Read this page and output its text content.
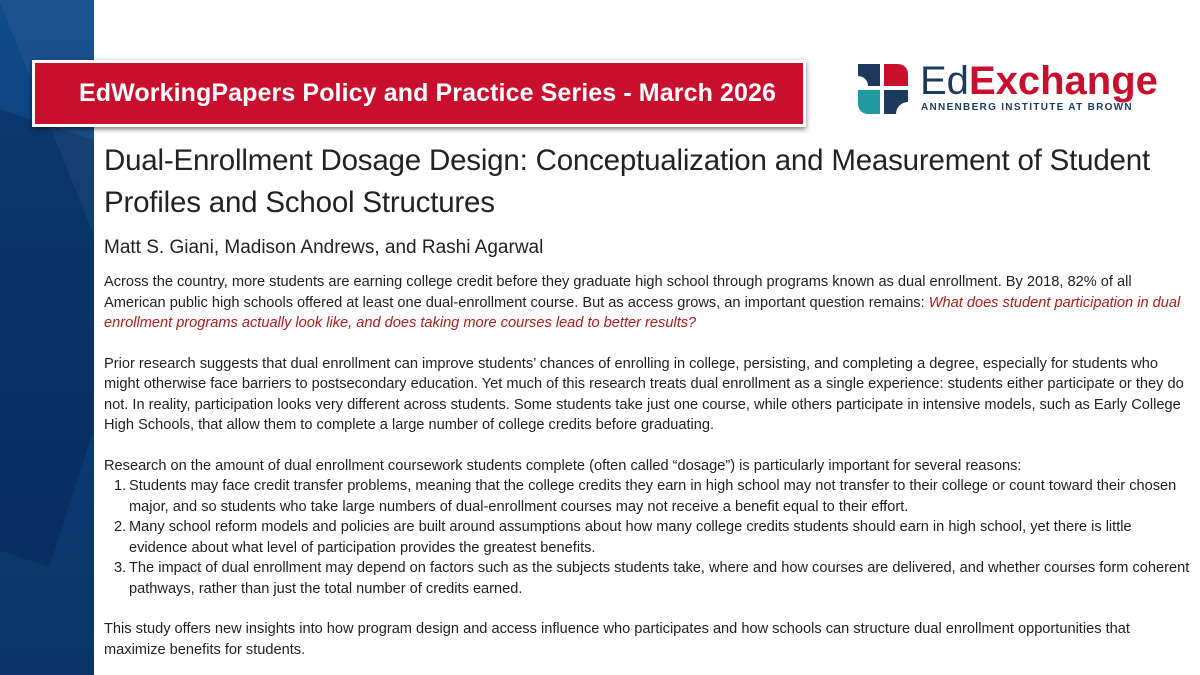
EdWorkingPapers Policy and Practice Series - March 2026	EdExchange
ANNENBERG INSTITUTE AT BROWN
Dual-Enrollment Dosage Design: Conceptualization and Measurement of Student Profiles and School Structures

Matt S. Giani, Madison Andrews, and Rashi Agarwal

Across the country, more students are earning college credit before they graduate high school through programs known as dual enrollment. By 2018, 82% of all American public high schools offered at least one dual-enrollment course. But as access grows, an important question remains: What does student participation in dual enrollment programs actually look like, and does taking more courses lead to better results?

Prior research suggests that dual enrollment can improve students’ chances of enrolling in college, persisting, and completing a degree, especially for students who might otherwise face barriers to postsecondary education. Yet much of this research treats dual enrollment as a single experience: students either participate or they do not. In reality, participation looks very different across students. Some students take just one course, while others participate in intensive models, such as Early College High Schools, that allow them to complete a large number of college credits before graduating.

Research on the amount of dual enrollment coursework students complete (often called “dosage”) is particularly important for several reasons:
1. Students may face credit transfer problems, meaning that the college credits they earn in high school may not transfer to their college or count toward their chosen major, and so students who take large numbers of dual-enrollment courses may not receive a benefit equal to their effort.
2. Many school reform models and policies are built around assumptions about how many college credits students should earn in high school, yet there is little evidence about what level of participation provides the greatest benefits.
3. The impact of dual enrollment may depend on factors such as the subjects students take, where and how courses are delivered, and whether courses form coherent pathways, rather than just the total number of credits earned.

This study offers new insights into how program design and access influence who participates and how schools can structure dual enrollment opportunities that maximize benefits for students.
